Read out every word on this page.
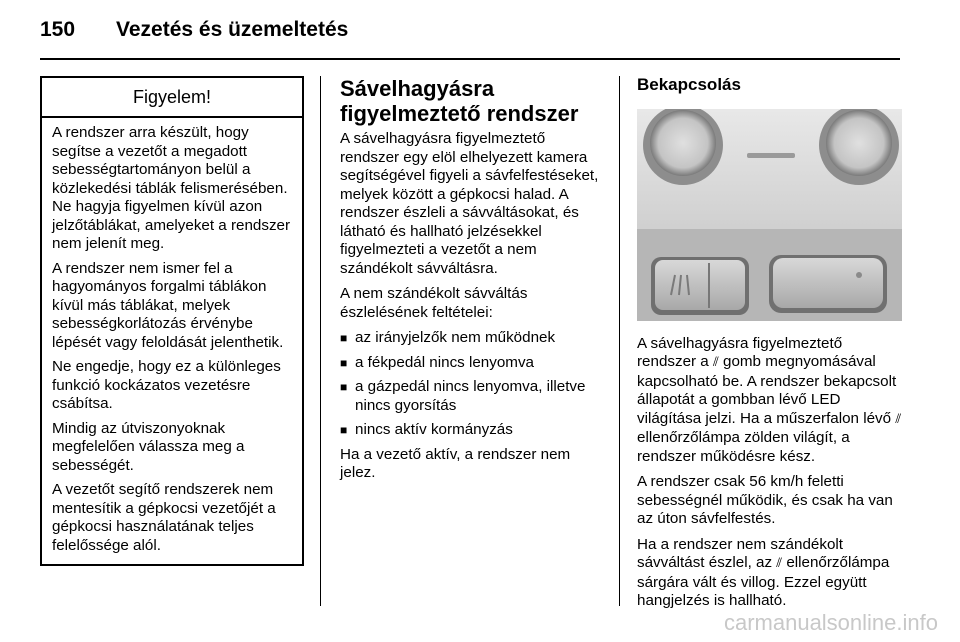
150 Vezetés és üzemeltetés
Figyelem!

A rendszer arra készült, hogy segítse a vezetőt a megadott sebességtartományon belül a közlekedési táblák felismerésében. Ne hagyja figyelmen kívül azon jelzőtáblákat, amelyeket a rendszer nem jelenít meg.

A rendszer nem ismer fel a hagyományos forgalmi táblákon kívül más táblákat, melyek sebességkorlátozás érvénybe lépését vagy feloldását jelenthetik.

Ne engedje, hogy ez a különleges funkció kockázatos vezetésre csábítsa.

Mindig az útviszonyoknak megfelelően válassza meg a sebességét.

A vezetőt segítő rendszerek nem mentesítik a gépkocsi vezetőjét a gépkocsi használatának teljes felelőssége alól.

Sávelhagyásra figyelmeztető rendszer

A sávelhagyásra figyelmeztető rendszer egy elöl elhelyezett kamera segítségével figyeli a sávfelfestéseket, melyek között a gépkocsi halad. A rendszer észleli a sávváltásokat, és látható és hallható jelzésekkel figyelmezteti a vezetőt a nem szándékolt sávváltásra.

A nem szándékolt sávváltás észlelésének feltételei:

■ az irányjelzők nem működnek
■ a fékpedál nincs lenyomva
■ a gázpedál nincs lenyomva, illetve nincs gyorsítás
■ nincs aktív kormányzás

Ha a vezető aktív, a rendszer nem jelez.

Bekapcsolás

A sávelhagyásra figyelmeztető rendszer a ⫽ gomb megnyomásával kapcsolható be. A rendszer bekapcsolt állapotát a gombban lévő LED világítása jelzi. Ha a műszerfalon lévő ⫽ ellenőrzőlámpa zölden világít, a rendszer működésre kész.

A rendszer csak 56 km/h feletti sebességnél működik, és csak ha van az úton sávfelfestés.

Ha a rendszer nem szándékolt sávváltást észlel, az ⫽ ellenőrzőlámpa sárgára vált és villog. Ezzel együtt hangjelzés is hallható.

carmanualsonline.info
